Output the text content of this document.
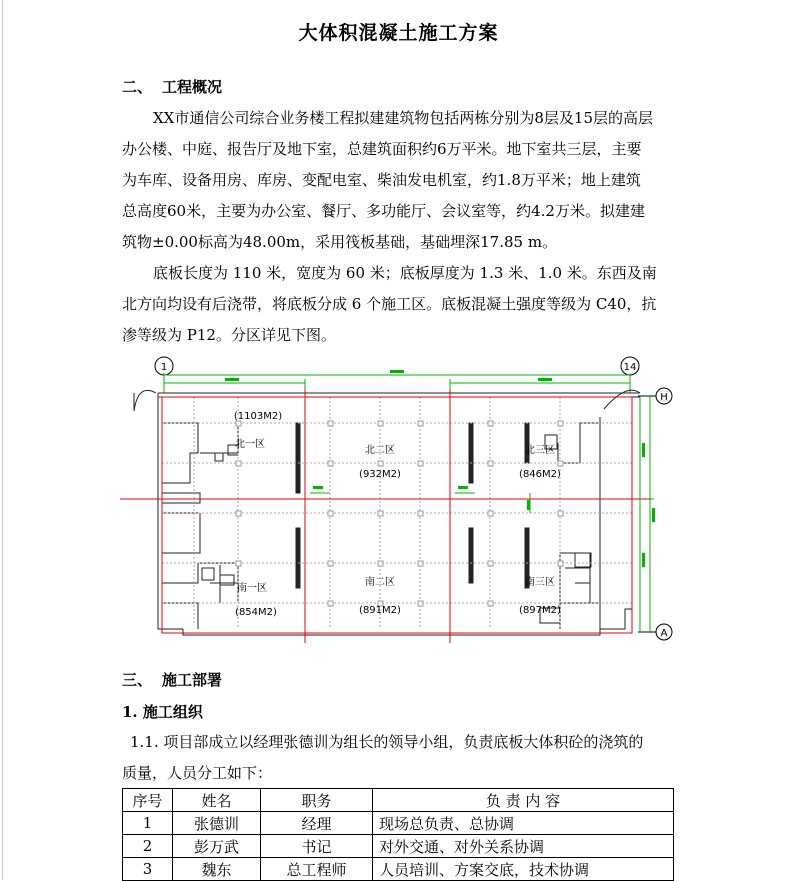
大体积混凝土施工方案
二、 工程概况
XX市通信公司综合业务楼工程拟建建筑物包括两栋分别为8层及15层的高层
办公楼、中庭、报告厅及地下室，总建筑面积约6万平米。地下室共三层，主要
为车库、设备用房、库房、变配电室、柴油发电机室，约1.8万平米；地上建筑
总高度60米，主要为办公室、餐厅、多功能厅、会议室等，约4.2万米。拟建建
筑物±0.00标高为48.00m，采用筏板基础，基础埋深17.85 m。
底板长度为 110 米，宽度为 60 米；底板厚度为 1.3 米、1.0 米。东西及南
北方向均设有后浇带，将底板分成 6 个施工区。底板混凝土强度等级为 C40，抗
渗等级为 P12。分区详见下图。
1	14
H
A
(1103M2)
北一区
北二区
(932M2)
北三区
(846M2)
南一区
(854M2)
南二区
(891M2)
南三区
(897M2)
三、 施工部署
1. 施工组织
1.1. 项目部成立以经理张德训为组长的领导小组，负责底板大体积砼的浇筑的
质量，人员分工如下：
序号	姓名	职务	负 责 内 容
1	张德训	经理	现场总负责、总协调
2	彭万武	书记	对外交通、对外关系协调
3	魏东	总工程师	人员培训、方案交底，技术协调
